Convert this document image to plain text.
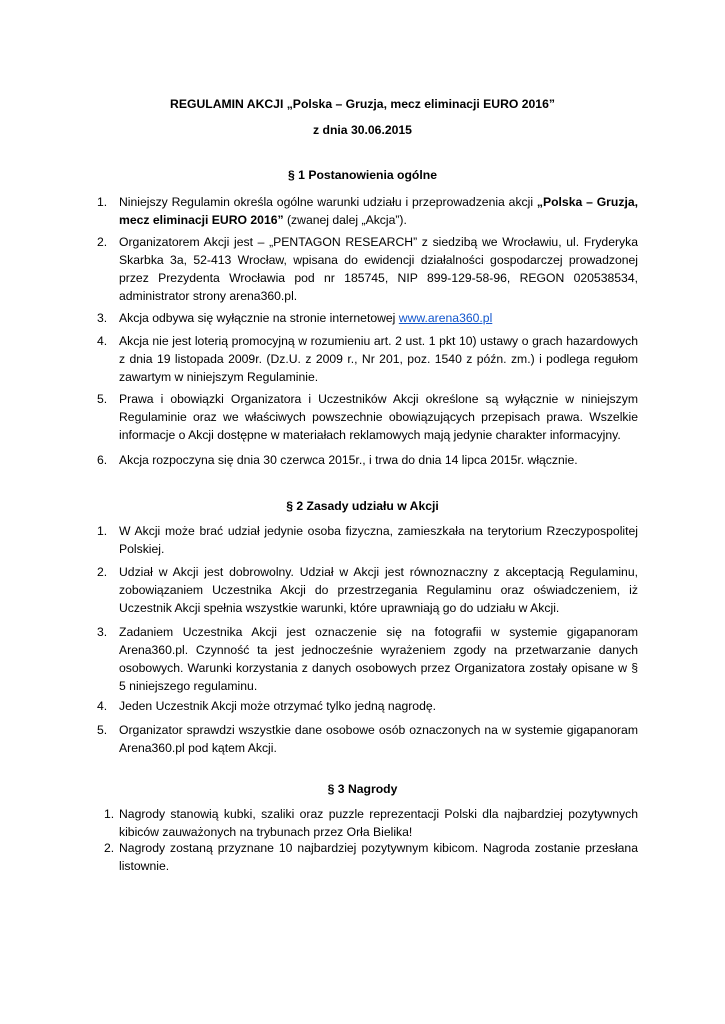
REGULAMIN AKCJI „Polska – Gruzja, mecz eliminacji EURO 2016”
z dnia 30.06.2015
§ 1 Postanowienia ogólne
1. Niniejszy Regulamin określa ogólne warunki udziału i przeprowadzenia akcji „Polska – Gruzja, mecz eliminacji EURO 2016” (zwanej dalej „Akcja”).
2. Organizatorem Akcji jest – „PENTAGON RESEARCH” z siedzibą we Wrocławiu, ul. Fryderyka Skarbka 3a, 52-413 Wrocław, wpisana do ewidencji działalności gospodarczej prowadzonej przez Prezydenta Wrocławia pod nr 185745, NIP 899-129-58-96, REGON 020538534, administrator strony arena360.pl.
3. Akcja odbywa się wyłącznie na stronie internetowej www.arena360.pl
4. Akcja nie jest loterią promocyjną w rozumieniu art. 2 ust. 1 pkt 10) ustawy o grach hazardowych z dnia 19 listopada 2009r. (Dz.U. z 2009 r., Nr 201, poz. 1540 z późn. zm.) i podlega regułom zawartym w niniejszym Regulaminie.
5. Prawa i obowiązki Organizatora i Uczestników Akcji określone są wyłącznie w niniejszym Regulaminie oraz we właściwych powszechnie obowiązujących przepisach prawa. Wszelkie informacje o Akcji dostępne w materiałach reklamowych mają jedynie charakter informacyjny.
6. Akcja rozpoczyna się dnia 30 czerwca 2015r., i trwa do dnia 14 lipca 2015r. włącznie.
§ 2 Zasady udziału w Akcji
1. W Akcji może brać udział jedynie osoba fizyczna, zamieszkała na terytorium Rzeczypospolitej Polskiej.
2. Udział w Akcji jest dobrowolny. Udział w Akcji jest równoznaczny z akceptacją Regulaminu, zobowiązaniem Uczestnika Akcji do przestrzegania Regulaminu oraz oświadczeniem, iż Uczestnik Akcji spełnia wszystkie warunki, które uprawniają go do udziału w Akcji.
3. Zadaniem Uczestnika Akcji jest oznaczenie się na fotografii w systemie gigapanoram Arena360.pl. Czynność ta jest jednocześnie wyrażeniem zgody na przetwarzanie danych osobowych. Warunki korzystania z danych osobowych przez Organizatora zostały opisane w § 5 niniejszego regulaminu.
4. Jeden Uczestnik Akcji może otrzymać tylko jedną nagrodę.
5. Organizator sprawdzi wszystkie dane osobowe osób oznaczonych na w systemie gigapanoram Arena360.pl pod kątem Akcji.
§ 3 Nagrody
1. Nagrody stanowią kubki, szaliki oraz puzzle reprezentacji Polski dla najbardziej pozytywnych kibiców zauważonych na trybunach przez Orła Bielika!
2. Nagrody zostaną przyznane 10 najbardziej pozytywnym kibicom. Nagroda zostanie przesłana listownie.
